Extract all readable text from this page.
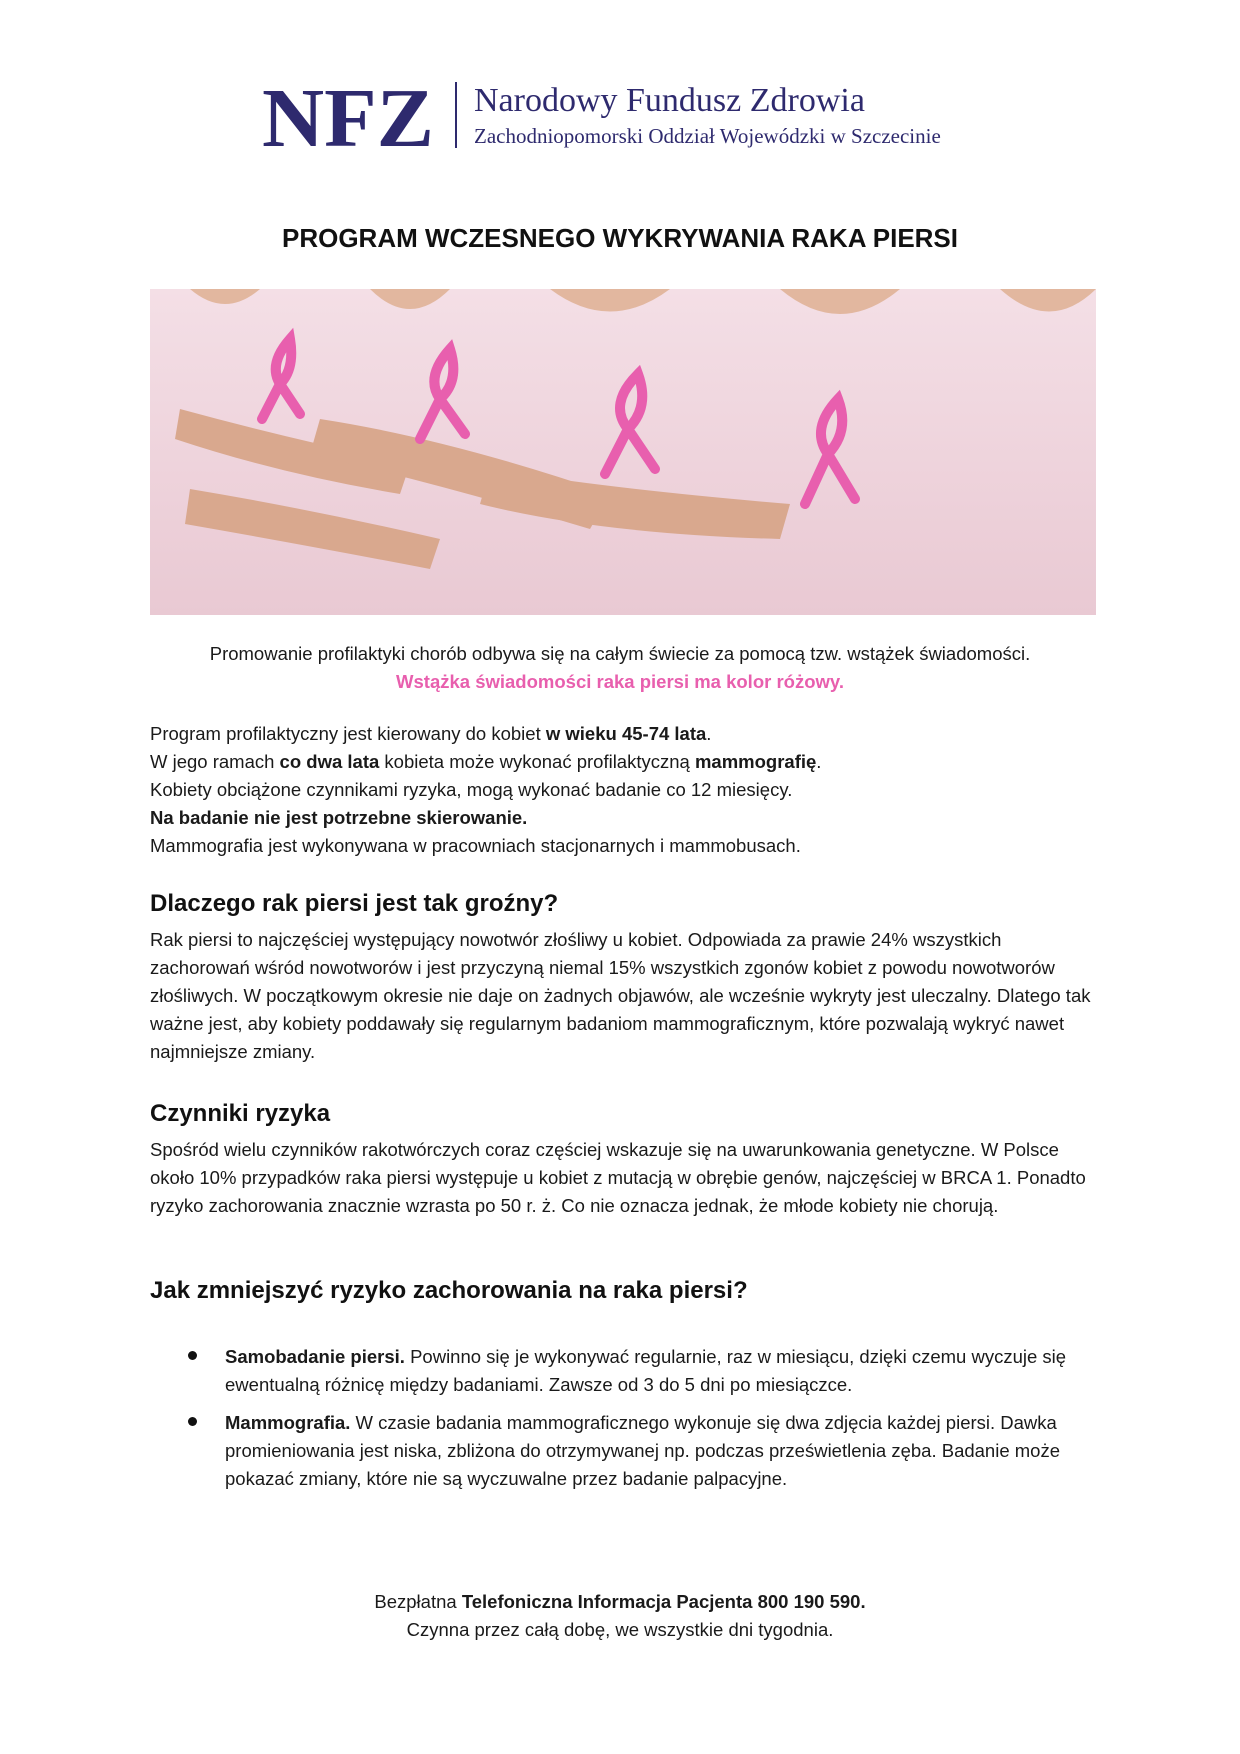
NFZ Narodowy Fundusz Zdrowia
Zachodniopomorski Oddział Wojewódzki w Szczecinie
PROGRAM WCZESNEGO WYKRYWANIA RAKA PIERSI
Promowanie profilaktyki chorób odbywa się na całym świecie za pomocą tzw. wstążek świadomości.
Wstążka świadomości raka piersi ma kolor różowy.

Program profilaktyczny jest kierowany do kobiet w wieku 45-74 lata.

W jego ramach co dwa lata kobieta może wykonać profilaktyczną mammografię.

Kobiety obciążone czynnikami ryzyka, mogą wykonać badanie co 12 miesięcy.

Na badanie nie jest potrzebne skierowanie.

Mammografia jest wykonywana w pracowniach stacjonarnych i mammobusach.

Dlaczego rak piersi jest tak groźny?

Rak piersi to najczęściej występujący nowotwór złośliwy u kobiet. Odpowiada za prawie 24% wszystkich zachorowań wśród nowotworów i jest przyczyną niemal 15% wszystkich zgonów kobiet z powodu nowotworów złośliwych. W początkowym okresie nie daje on żadnych objawów, ale wcześnie wykryty jest uleczalny. Dlatego tak ważne jest, aby kobiety poddawały się regularnym badaniom mammograficznym, które pozwalają wykryć nawet najmniejsze zmiany.

Czynniki ryzyka

Spośród wielu czynników rakotwórczych coraz częściej wskazuje się na uwarunkowania genetyczne. W Polsce około 10% przypadków raka piersi występuje u kobiet z mutacją w obrębie genów, najczęściej w BRCA 1. Ponadto ryzyko zachorowania znacznie wzrasta po 50 r. ż. Co nie oznacza jednak, że młode kobiety nie chorują.

Jak zmniejszyć ryzyko zachorowania na raka piersi?
Samobadanie piersi. Powinno się je wykonywać regularnie, raz w miesiącu, dzięki czemu wyczuje się ewentualną różnicę między badaniami. Zawsze od 3 do 5 dni po miesiączce.
Mammografia. W czasie badania mammograficznego wykonuje się dwa zdjęcia każdej piersi. Dawka promieniowania jest niska, zbliżona do otrzymywanej np. podczas prześwietlenia zęba. Badanie może pokazać zmiany, które nie są wyczuwalne przez badanie palpacyjne.
Bezpłatna Telefoniczna Informacja Pacjenta 800 190 590.
Czynna przez całą dobę, we wszystkie dni tygodnia.
